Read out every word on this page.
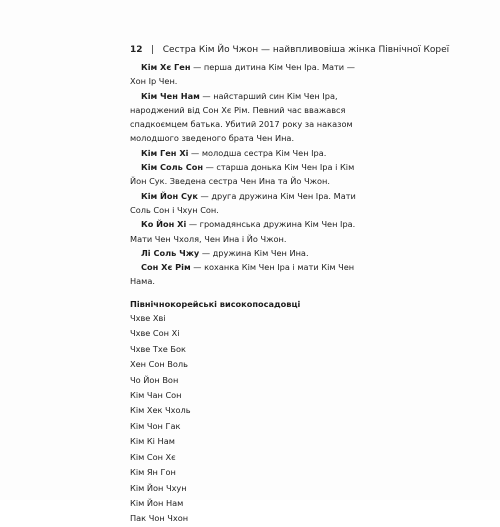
12   |   Сестра Кім Йо Чжон — найвпливовіша жінка Північної Кореї

Кім Хє Ген — перша дитина Кім Чен Іра. Мати — Хон Ір Чен.

Кім Чен Нам — найстарший син Кім Чен Іра, народжений від Сон Хє Рім. Певний час вважався спадкоємцем батька. Убитий 2017 року за наказом молодшого зведеного брата Чен Ина.

Кім Ген Хі — молодша сестра Кім Чен Іра.

Кім Соль Сон — старша донька Кім Чен Іра і Кім Йон Сук. Зведена сестра Чен Ина та Йо Чжон.

Кім Йон Сук — друга дружина Кім Чен Іра. Мати Соль Сон і Чхун Сон.

Ко Йон Хі — громадянська дружина Кім Чен Іра. Мати Чен Чхоля, Чен Ина і Йо Чжон.

Лі Соль Чжу — дружина Кім Чен Ина.

Сон Хє Рім — коханка Кім Чен Іра і мати Кім Чен Нама.

Північнокорейські високопосадовці
Чхве Хві
Чхве Сон Хі
Чхве Тхе Бок
Хен Сон Воль
Чо Йон Вон
Кім Чан Сон
Кім Хек Чхоль
Кім Чон Гак
Кім Кі Нам
Кім Сон Хє
Кім Ян Гон
Кім Йон Чхун
Кім Йон Нам
Пак Чон Чхон
